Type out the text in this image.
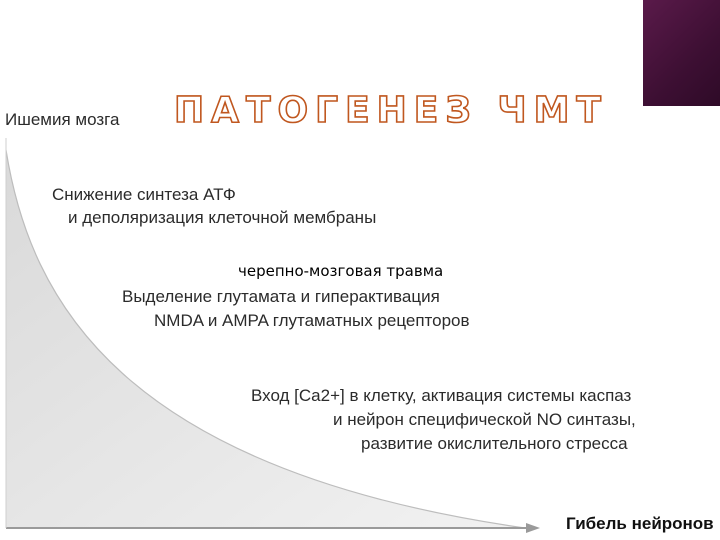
ПАТОГЕНЕЗ ЧМТ
Ишемия мозга
Снижение синтеза АТФ
и деполяризация клеточной мембраны
Выделение глутамата и гиперактивация
NMDA и AMPA глутаматных рецепторов
Вход [Ca2+] в клетку, активация системы каспаз
и нейрон специфической NO синтазы,
развитие окислительного стресса
черепно-мозговая травма
Гибель нейронов
